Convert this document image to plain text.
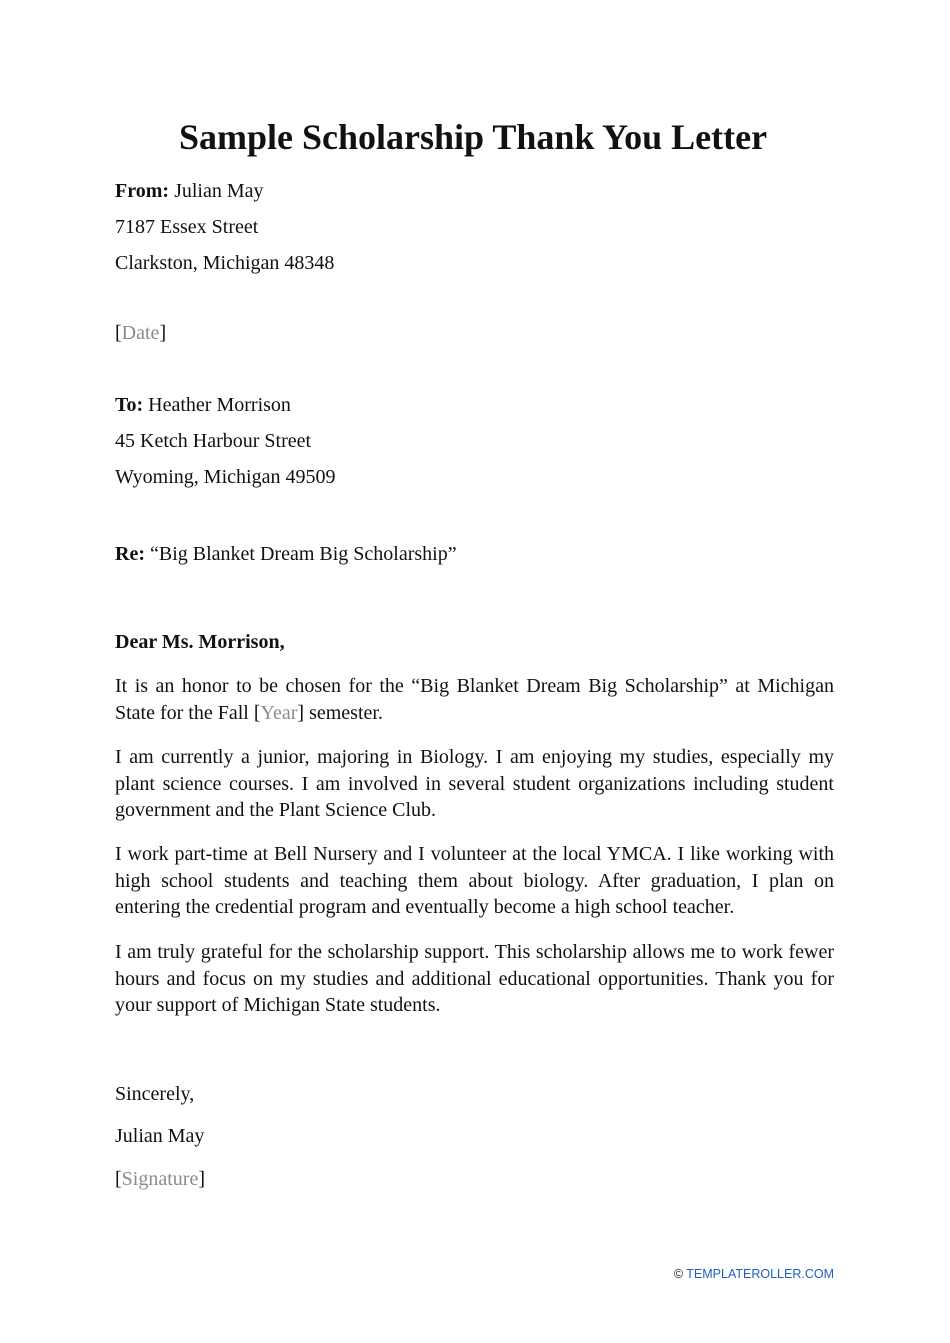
Sample Scholarship Thank You Letter
From: Julian May
7187 Essex Street
Clarkston, Michigan 48348
[Date]
To: Heather Morrison
45 Ketch Harbour Street
Wyoming, Michigan 49509
Re: “Big Blanket Dream Big Scholarship”
Dear Ms. Morrison,

It is an honor to be chosen for the “Big Blanket Dream Big Scholarship” at Michigan State for the Fall [Year] semester.

I am currently a junior, majoring in Biology. I am enjoying my studies, especially my plant science courses. I am involved in several student organizations including student government and the Plant Science Club.

I work part-time at Bell Nursery and I volunteer at the local YMCA. I like working with high school students and teaching them about biology. After graduation, I plan on entering the credential program and eventually become a high school teacher.

I am truly grateful for the scholarship support. This scholarship allows me to work fewer hours and focus on my studies and additional educational opportunities. Thank you for your support of Michigan State students.

Sincerely,
Julian May
[Signature]
© TEMPLATEROLLER.COM
